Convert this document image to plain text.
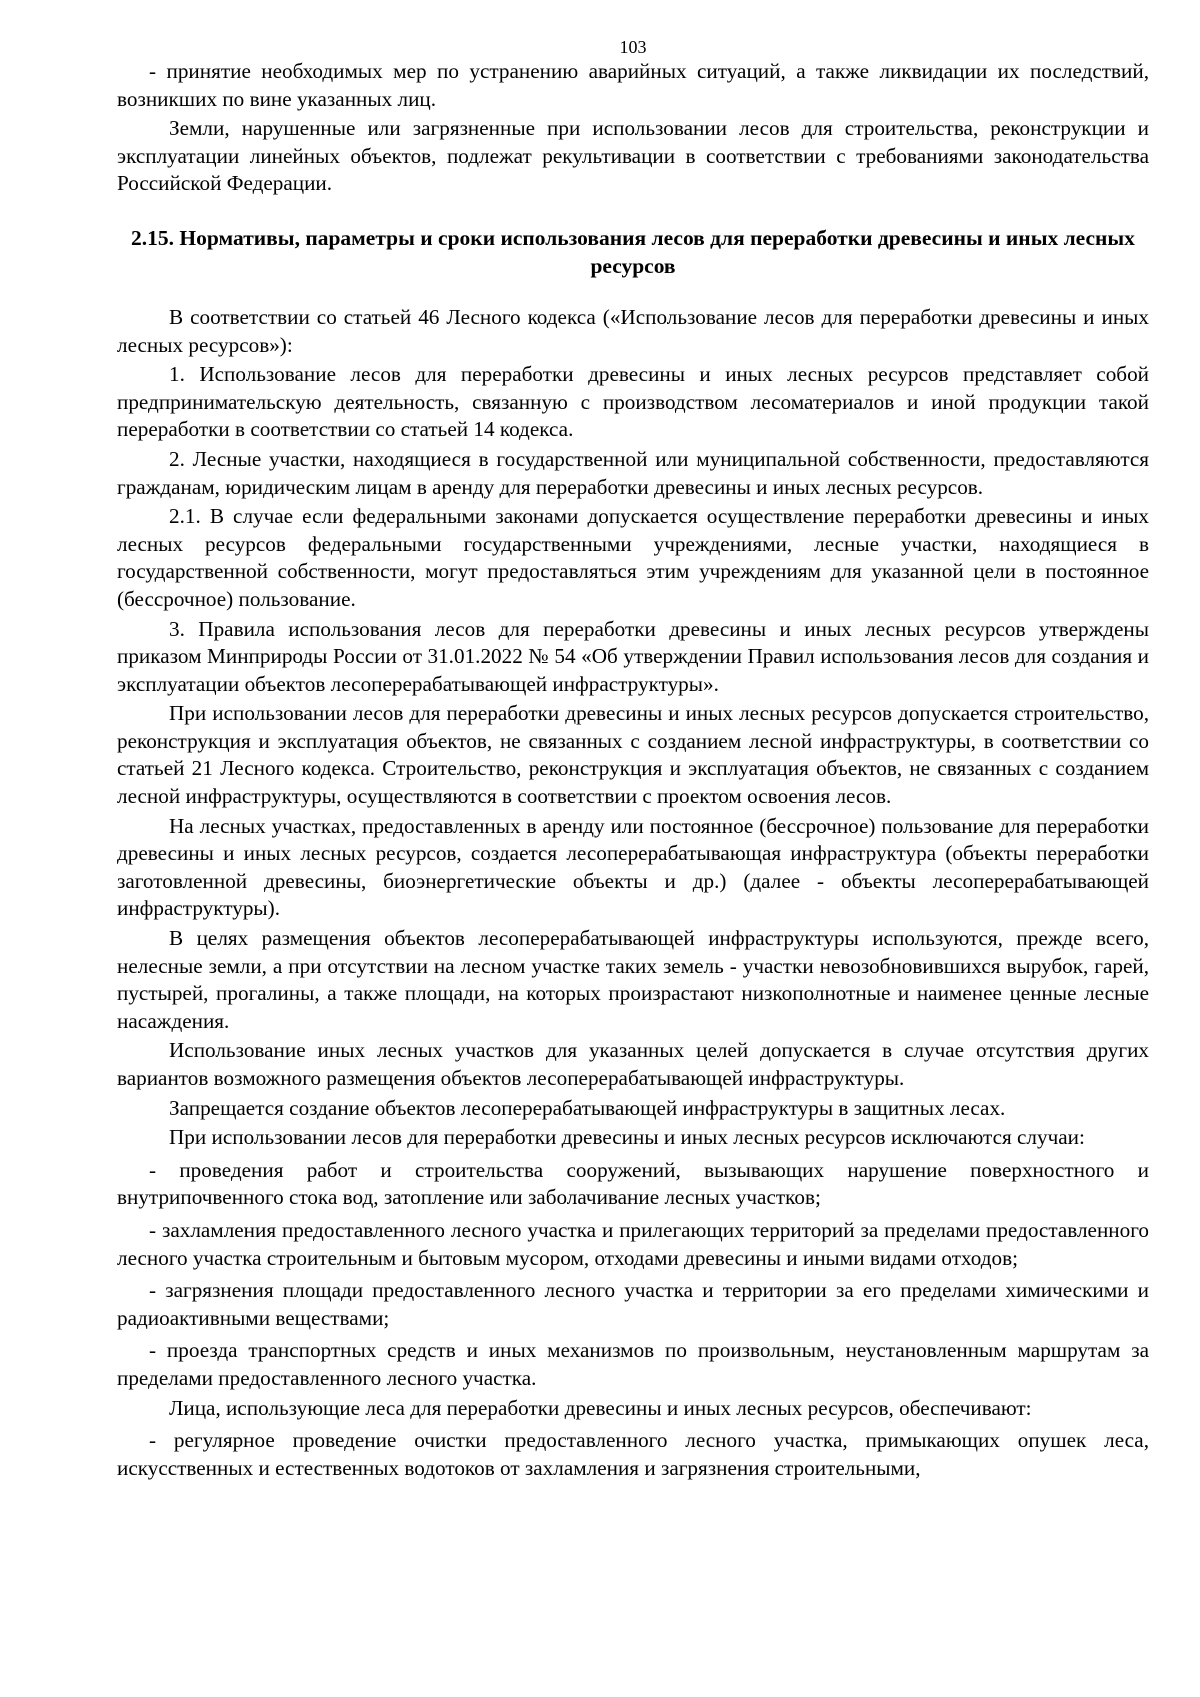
103

- принятие необходимых мер по устранению аварийных ситуаций, а также ликвидации их последствий, возникших по вине указанных лиц.

Земли, нарушенные или загрязненные при использовании лесов для строительства, реконструкции и эксплуатации линейных объектов, подлежат рекультивации в соответствии с требованиями законодательства Российской Федерации.

2.15. Нормативы, параметры и сроки использования лесов для переработки древесины и иных лесных ресурсов

В соответствии со статьей 46 Лесного кодекса («Использование лесов для переработки древесины и иных лесных ресурсов»):

1. Использование лесов для переработки древесины и иных лесных ресурсов представляет собой предпринимательскую деятельность, связанную с производством лесоматериалов и иной продукции такой переработки в соответствии со статьей 14 кодекса.

2. Лесные участки, находящиеся в государственной или муниципальной собственности, предоставляются гражданам, юридическим лицам в аренду для переработки древесины и иных лесных ресурсов.

2.1. В случае если федеральными законами допускается осуществление переработки древесины и иных лесных ресурсов федеральными государственными учреждениями, лесные участки, находящиеся в государственной собственности, могут предоставляться этим учреждениям для указанной цели в постоянное (бессрочное) пользование.

3. Правила использования лесов для переработки древесины и иных лесных ресурсов утверждены приказом Минприроды России от 31.01.2022 № 54 «Об утверждении Правил использования лесов для создания и эксплуатации объектов лесоперерабатывающей инфраструктуры».

При использовании лесов для переработки древесины и иных лесных ресурсов допускается строительство, реконструкция и эксплуатация объектов, не связанных с созданием лесной инфраструктуры, в соответствии со статьей 21 Лесного кодекса. Строительство, реконструкция и эксплуатация объектов, не связанных с созданием лесной инфраструктуры, осуществляются в соответствии с проектом освоения лесов.

На лесных участках, предоставленных в аренду или постоянное (бессрочное) пользование для переработки древесины и иных лесных ресурсов, создается лесоперерабатывающая инфраструктура (объекты переработки заготовленной древесины, биоэнергетические объекты и др.) (далее - объекты лесоперерабатывающей инфраструктуры).

В целях размещения объектов лесоперерабатывающей инфраструктуры используются, прежде всего, нелесные земли, а при отсутствии на лесном участке таких земель - участки невозобновившихся вырубок, гарей, пустырей, прогалины, а также площади, на которых произрастают низкополнотные и наименее ценные лесные насаждения.

Использование иных лесных участков для указанных целей допускается в случае отсутствия других вариантов возможного размещения объектов лесоперерабатывающей инфраструктуры.

Запрещается создание объектов лесоперерабатывающей инфраструктуры в защитных лесах.

При использовании лесов для переработки древесины и иных лесных ресурсов исключаются случаи:

- проведения работ и строительства сооружений, вызывающих нарушение поверхностного и внутрипочвенного стока вод, затопление или заболачивание лесных участков;

- захламления предоставленного лесного участка и прилегающих территорий за пределами предоставленного лесного участка строительным и бытовым мусором, отходами древесины и иными видами отходов;

- загрязнения площади предоставленного лесного участка и территории за его пределами химическими и радиоактивными веществами;

- проезда транспортных средств и иных механизмов по произвольным, неустановленным маршрутам за пределами предоставленного лесного участка.

Лица, использующие леса для переработки древесины и иных лесных ресурсов, обеспечивают:

- регулярное проведение очистки предоставленного лесного участка, примыкающих опушек леса, искусственных и естественных водотоков от захламления и загрязнения строительными,
